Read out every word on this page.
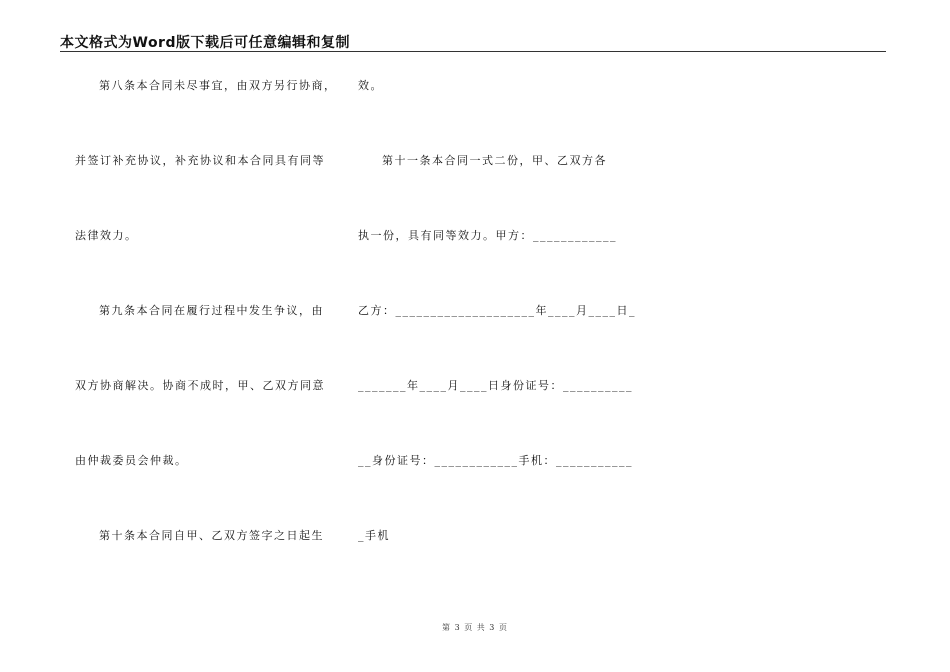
本文格式为Word版下载后可任意编辑和复制
第八条本合同未尽事宜，由双方另行协商，
并签订补充协议，补充协议和本合同具有同等
法律效力。
第九条本合同在履行过程中发生争议，由
双方协商解决。协商不成时，甲、乙双方同意
由仲裁委员会仲裁。
第十条本合同自甲、乙双方签字之日起生
效。
第十一条本合同一式二份，甲、乙双方各
执一份，具有同等效力。甲方：____________
乙方：____________________年____月____日_
_______年____月____日身份证号：__________
__身份证号：____________手机：___________
_手机
第 3 页 共 3 页
